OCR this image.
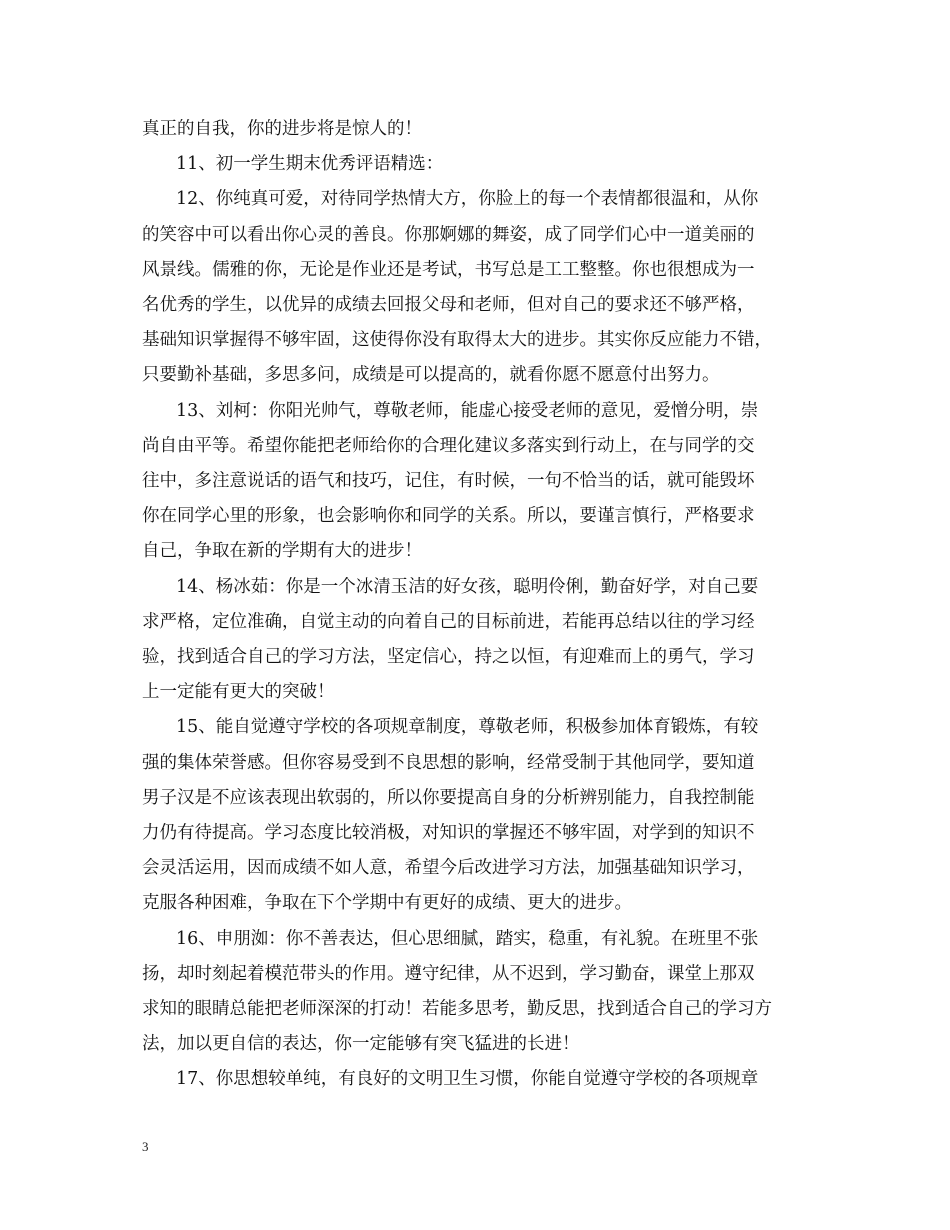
真正的自我，你的进步将是惊人的！
11、初一学生期末优秀评语精选：
12、你纯真可爱，对待同学热情大方，你脸上的每一个表情都很温和，从你
的笑容中可以看出你心灵的善良。你那婀娜的舞姿，成了同学们心中一道美丽的
风景线。儒雅的你，无论是作业还是考试，书写总是工工整整。你也很想成为一
名优秀的学生，以优异的成绩去回报父母和老师，但对自己的要求还不够严格，
基础知识掌握得不够牢固，这使得你没有取得太大的进步。其实你反应能力不错，
只要勤补基础，多思多问，成绩是可以提高的，就看你愿不愿意付出努力。
13、刘柯：你阳光帅气，尊敬老师，能虚心接受老师的意见，爱憎分明，崇
尚自由平等。希望你能把老师给你的合理化建议多落实到行动上，在与同学的交
往中，多注意说话的语气和技巧，记住，有时候，一句不恰当的话，就可能毁坏
你在同学心里的形象，也会影响你和同学的关系。所以，要谨言慎行，严格要求
自己，争取在新的学期有大的进步！
14、杨冰茹：你是一个冰清玉洁的好女孩，聪明伶俐，勤奋好学，对自己要
求严格，定位准确，自觉主动的向着自己的目标前进，若能再总结以往的学习经
验，找到适合自己的学习方法，坚定信心，持之以恒，有迎难而上的勇气，学习
上一定能有更大的突破！
15、能自觉遵守学校的各项规章制度，尊敬老师，积极参加体育锻炼，有较
强的集体荣誉感。但你容易受到不良思想的影响，经常受制于其他同学，要知道
男子汉是不应该表现出软弱的，所以你要提高自身的分析辨别能力，自我控制能
力仍有待提高。学习态度比较消极，对知识的掌握还不够牢固，对学到的知识不
会灵活运用，因而成绩不如人意，希望今后改进学习方法，加强基础知识学习，
克服各种困难，争取在下个学期中有更好的成绩、更大的进步。
16、申朋洳：你不善表达，但心思细腻，踏实，稳重，有礼貌。在班里不张
扬，却时刻起着模范带头的作用。遵守纪律，从不迟到，学习勤奋，课堂上那双
求知的眼睛总能把老师深深的打动！若能多思考，勤反思，找到适合自己的学习方
法，加以更自信的表达，你一定能够有突飞猛进的长进！
17、你思想较单纯，有良好的文明卫生习惯，你能自觉遵守学校的各项规章
3
